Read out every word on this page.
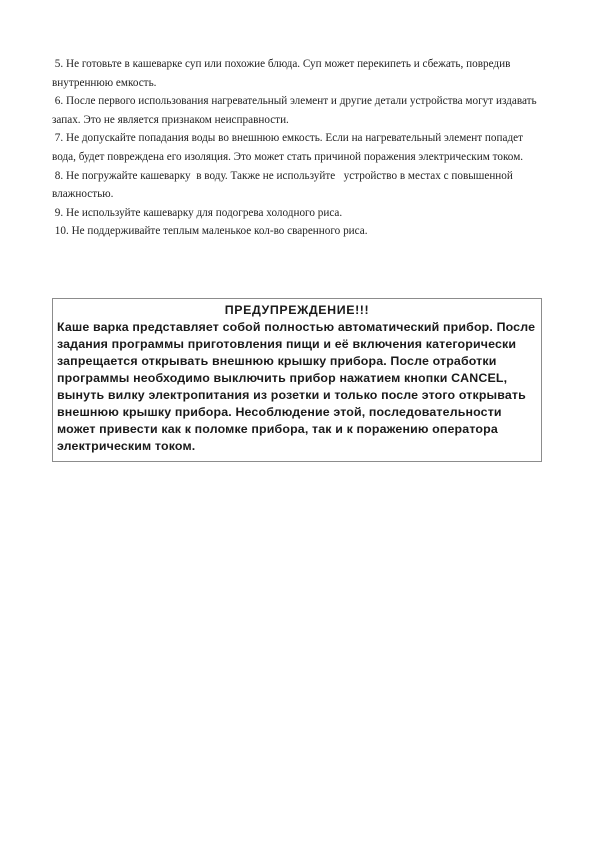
5. Не готовьте в кашеварке суп или похожие блюда. Суп может перекипеть и сбежать, повредив внутреннюю емкость.

6. После первого использования нагревательный элемент и другие детали устройства могут издавать запах. Это не является признаком неисправности.

7. Не допускайте попадания воды во внешнюю емкость. Если на нагревательный элемент попадет вода, будет повреждена его изоляция. Это может стать причиной поражения электрическим током.

8. Не погружайте кашеварку  в воду. Также не используйте   устройство в местах с повышенной влажностью.

9. Не используйте кашеварку для подогрева холодного риса.

10. Не поддерживайте теплым маленькое кол-во сваренного риса.

ПРЕДУПРЕЖДЕНИЕ!!!

Каше варка представляет собой полностью автоматический прибор. После задания программы приготовления пищи и её включения категорически запрещается открывать внешнюю крышку прибора. После отработки программы необходимо выключить прибор нажатием кнопки CANCEL, вынуть вилку электропитания из розетки и только после этого открывать внешнюю крышку прибора. Несоблюдение этой, последовательности может привести как к поломке прибора, так и к поражению оператора электрическим током.
